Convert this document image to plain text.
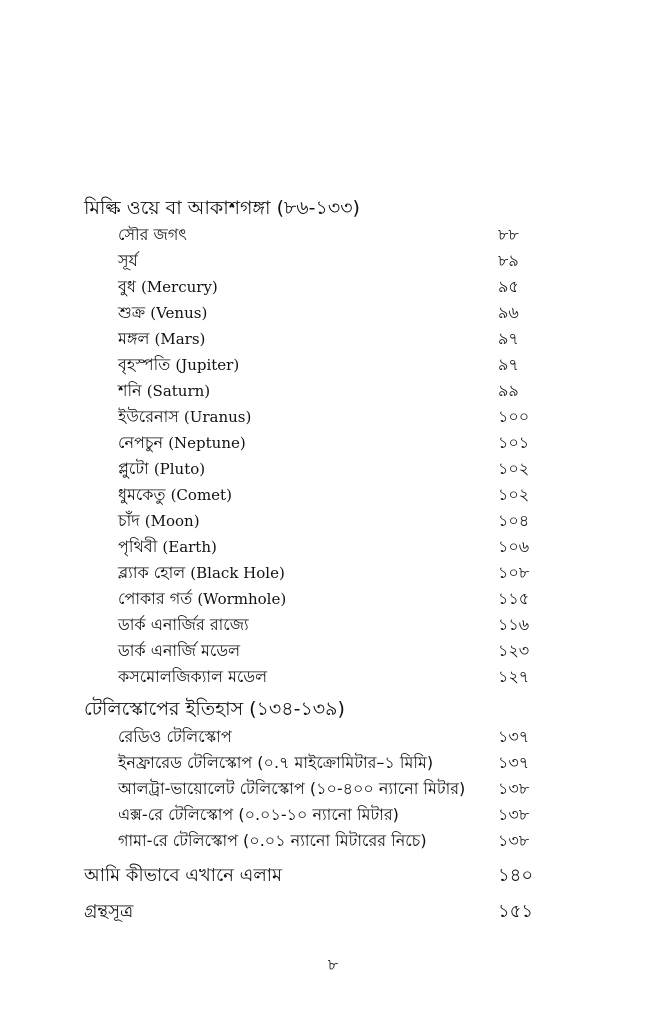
মিল্কি ওয়ে বা আকাশগঙ্গা (৮৬-১৩৩)
সৌর জগৎ	৮৮
সূর্য	৮৯
বুধ (Mercury)	৯৫
শুক্র (Venus)	৯৬
মঙ্গল (Mars)	৯৭
বৃহস্পতি (Jupiter)	৯৭
শনি (Saturn)	৯৯
ইউরেনাস (Uranus)	১০০
নেপচুন (Neptune)	১০১
প্লুটো (Pluto)	১০২
ধুমকেতু (Comet)	১০২
চাঁদ (Moon)	১০৪
পৃথিবী (Earth)	১০৬
ব্ল্যাক হোল (Black Hole)	১০৮
পোকার গর্ত (Wormhole)	১১৫
ডার্ক এনার্জির রাজ্যে	১১৬
ডার্ক এনার্জি মডেল	১২৩
কসমোলজিক্যাল মডেল	১২৭
টেলিস্কোপের ইতিহাস (১৩৪-১৩৯)
রেডিও টেলিস্কোপ	১৩৭
ইনফ্রারেড টেলিস্কোপ (০.৭ মাইক্রোমিটার–১ মিমি)	১৩৭
আলট্রা-ভায়োলেট টেলিস্কোপ (১০-৪০০ ন্যানো মিটার) ১৩৮
এক্স-রে টেলিস্কোপ (০.০১-১০ ন্যানো মিটার)	১৩৮
গামা-রে টেলিস্কোপ (০.০১ ন্যানো মিটারের নিচে)	১৩৮
আমি কীভাবে এখানে এলাম	১৪০
গ্রন্থসূত্র	১৫১
৮
